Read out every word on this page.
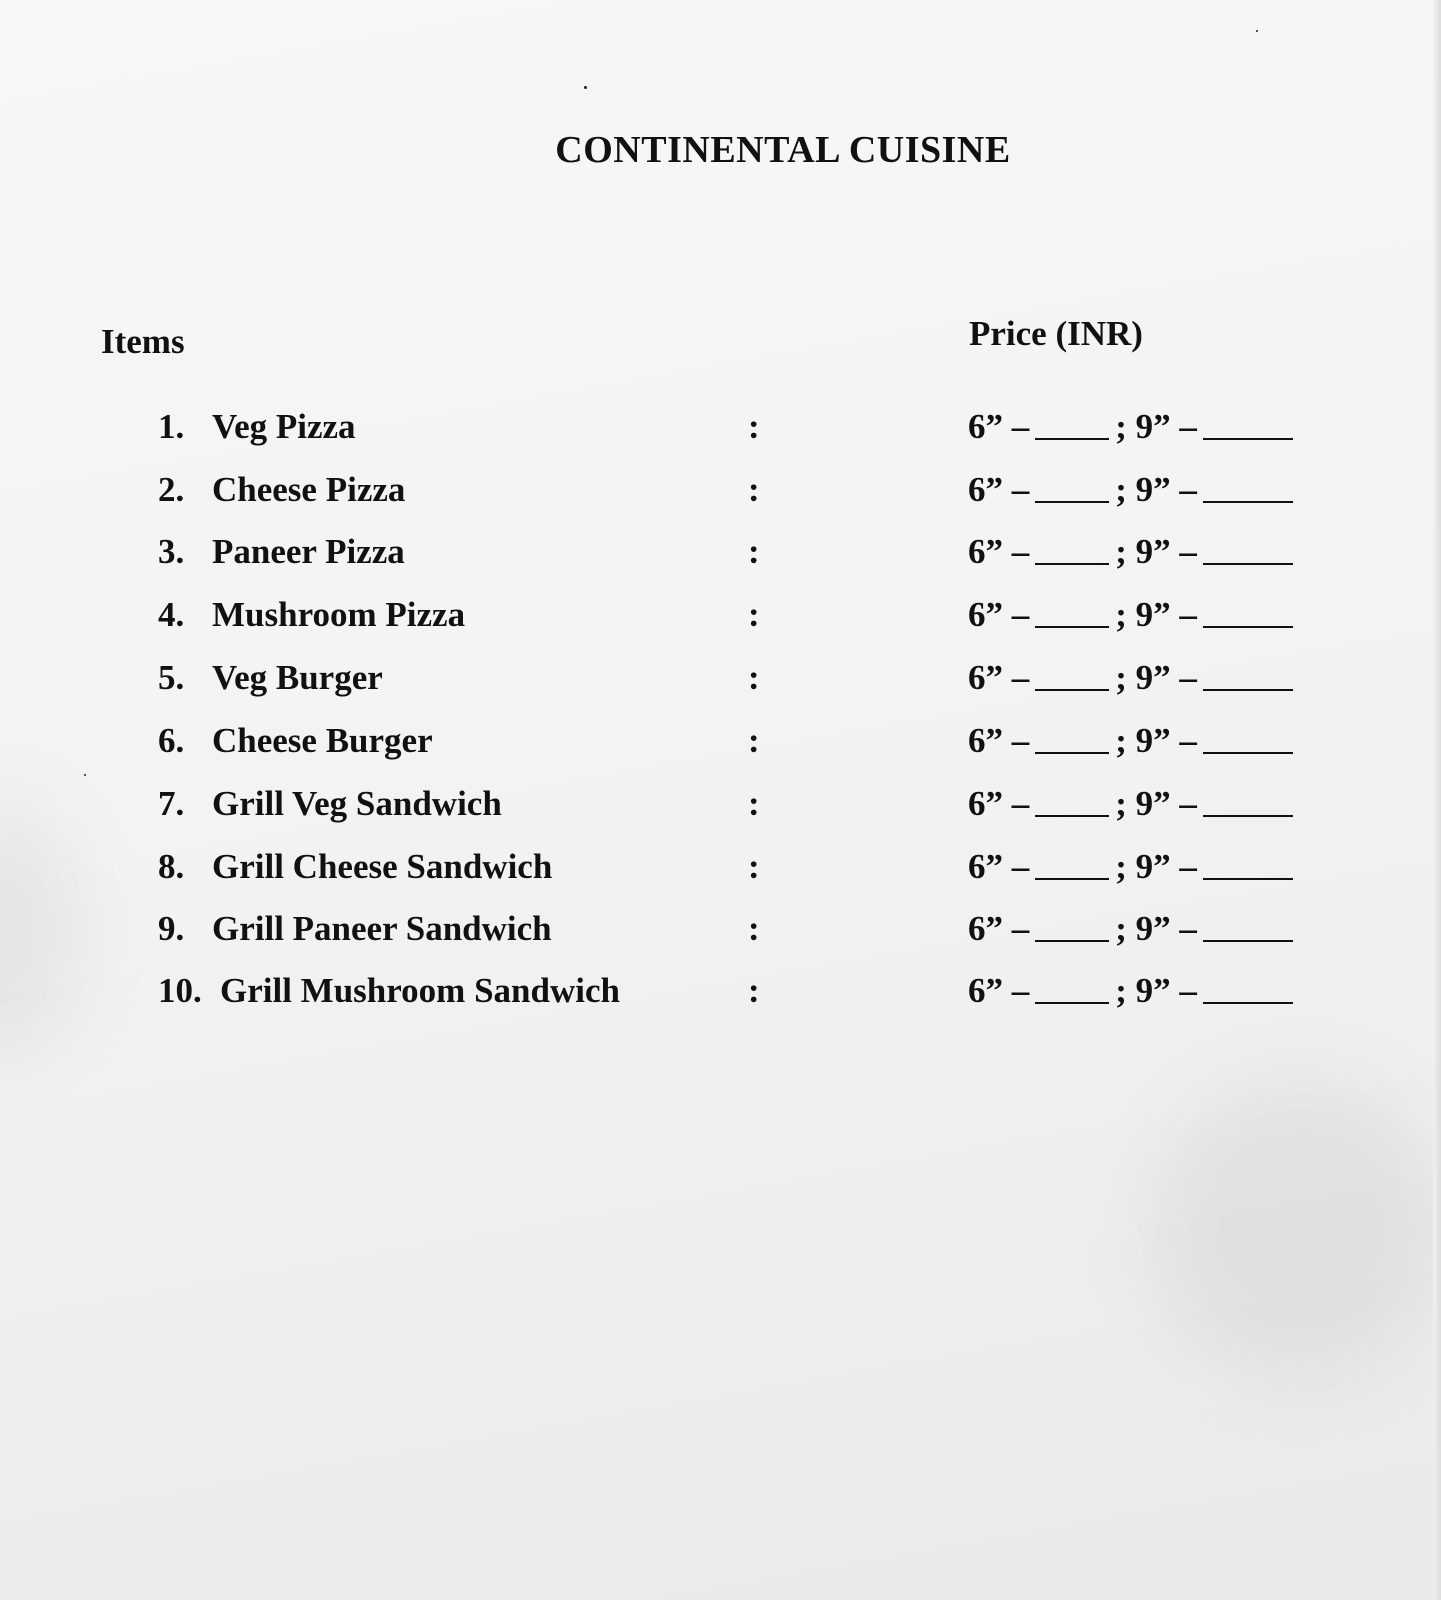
CONTINENTAL CUISINE
Items	Price (INR)
1. Veg Pizza	:	6” – ; 9” –
2. Cheese Pizza	:	6” – ; 9” –
3. Paneer Pizza	:	6” – ; 9” –
4. Mushroom Pizza	:	6” – ; 9” –
5. Veg Burger	:	6” – ; 9” –
6. Cheese Burger	:	6” – ; 9” –
7. Grill Veg Sandwich	:	6” – ; 9” –
8. Grill Cheese Sandwich	:	6” – ; 9” –
9. Grill Paneer Sandwich	:	6” – ; 9” –
10. Grill Mushroom Sandwich	:	6” – ; 9” –
